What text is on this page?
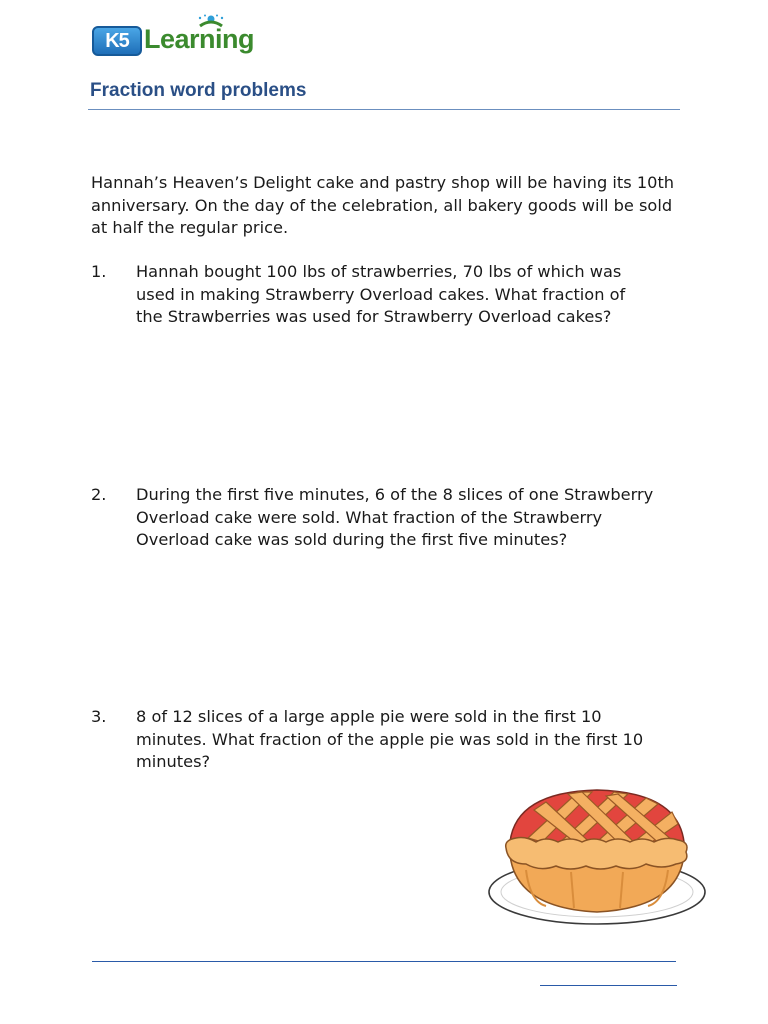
K5 Learning
Fraction word problems

Hannah’s Heaven’s Delight cake and pastry shop will be having its 10th anniversary. On the day of the celebration, all bakery goods will be sold at half the regular price.

1. Hannah bought 100 lbs of strawberries, 70 lbs of which was used in making Strawberry Overload cakes. What fraction of the Strawberries was used for Strawberry Overload cakes?

2. During the first five minutes, 6 of the 8 slices of one Strawberry Overload cake were sold. What fraction of the Strawberry Overload cake was sold during the first five minutes?

3. 8 of 12 slices of a large apple pie were sold in the first 10 minutes. What fraction of the apple pie was sold in the first 10 minutes?
